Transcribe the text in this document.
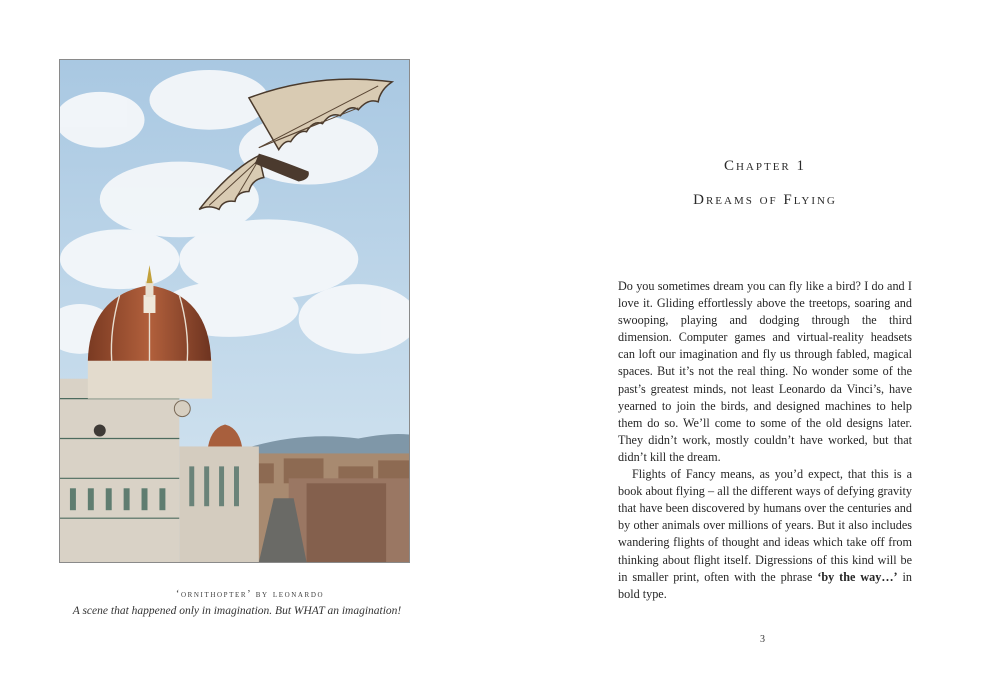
‘ornithopter’ by leonardo
A scene that happened only in imagination. But WHAT an imagination!
Chapter 1
Dreams of Flying

Do you sometimes dream you can fly like a bird? I do and I love it. Gliding effortlessly above the treetops, soaring and swooping, playing and dodging through the third dimension. Computer games and virtual-reality headsets can loft our imagination and fly us through fabled, magical spaces. But it’s not the real thing. No wonder some of the past’s greatest minds, not least Leonardo da Vinci’s, have yearned to join the birds, and designed machines to help them do so. We’ll come to some of the old designs later. They didn’t work, mostly couldn’t have worked, but that didn’t kill the dream.

Flights of Fancy means, as you’d expect, that this is a book about flying – all the different ways of defying gravity that have been discovered by humans over the centuries and by other animals over millions of years. But it also includes wandering flights of thought and ideas which take off from thinking about flight itself. Digressions of this kind will be in smaller print, often with the phrase ‘by the way…’ in bold type.

3
